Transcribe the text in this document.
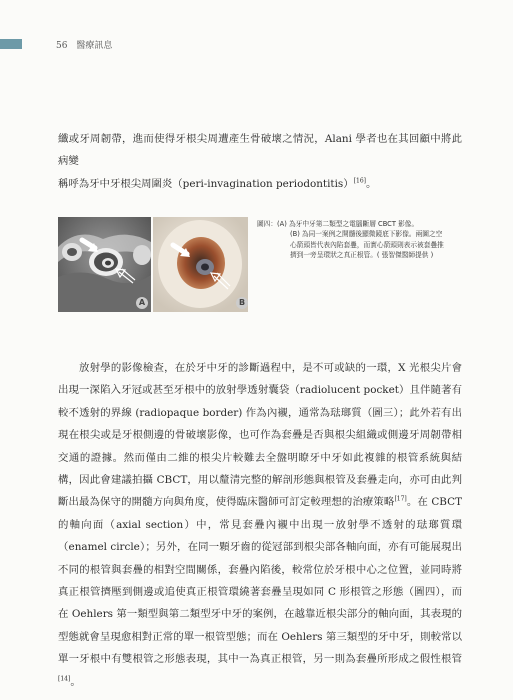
56 醫療訊息

纖或牙周韌帶，進而使得牙根尖周遭產生骨破壞之情況，Alani 學者也在其回顧中將此病變
稱呼為牙中牙根尖周圍炎（peri-invagination periodontitis）[16]。

A	B
圖四：(A) 為牙中牙第二類型之電腦斷層 CBCT 影像。
(B) 為同一案例之開髓後顯微鏡底下影像。兩圖之空
心箭頭皆代表內陷套疊，而實心箭頭則表示被套疊推
擠到一旁呈環狀之真正根管。( 張智傑醫師提供 )

放射學的影像檢查，在於牙中牙的診斷過程中，是不可或缺的一環，X 光根尖片會出現一深陷入牙冠或甚至牙根中的放射學透射囊袋（radiolucent pocket）且伴隨著有較不透射的界線 (radiopaque border) 作為內襯，通常為琺瑯質（圖三）；此外若有出現在根尖或是牙根側邊的骨破壞影像，也可作為套疊是否與根尖組織或側邊牙周韌帶相交通的證據。然而僅由二維的根尖片較難去全盤明瞭牙中牙如此複雜的根管系統與結構，因此會建議拍攝 CBCT，用以釐清完整的解剖形態與根管及套疊走向，亦可由此判斷出最為保守的開髓方向與角度，使得臨床醫師可訂定較理想的治療策略[17]。在 CBCT 的軸向面（axial section）中，常見套疊內襯中出現一放射學不透射的琺瑯質環（enamel circle）；另外，在同一顆牙齒的從冠部到根尖部各軸向面，亦有可能展現出不同的根管與套疊的相對空間關係，套疊內陷後，較常位於牙根中心之位置，並同時將真正根管擠壓到側邊或追使真正根管環繞著套疊呈現如同 C 形根管之形態（圖四），而在 Oehlers 第一類型與第二類型牙中牙的案例，在越靠近根尖部分的軸向面，其表現的型態就會呈現愈相對正常的單一根管型態；而在 Oehlers 第三類型的牙中牙，則較常以單一牙根中有雙根管之形態表現，其中一為真正根管，另一則為套疊所形成之假性根管[14]。
